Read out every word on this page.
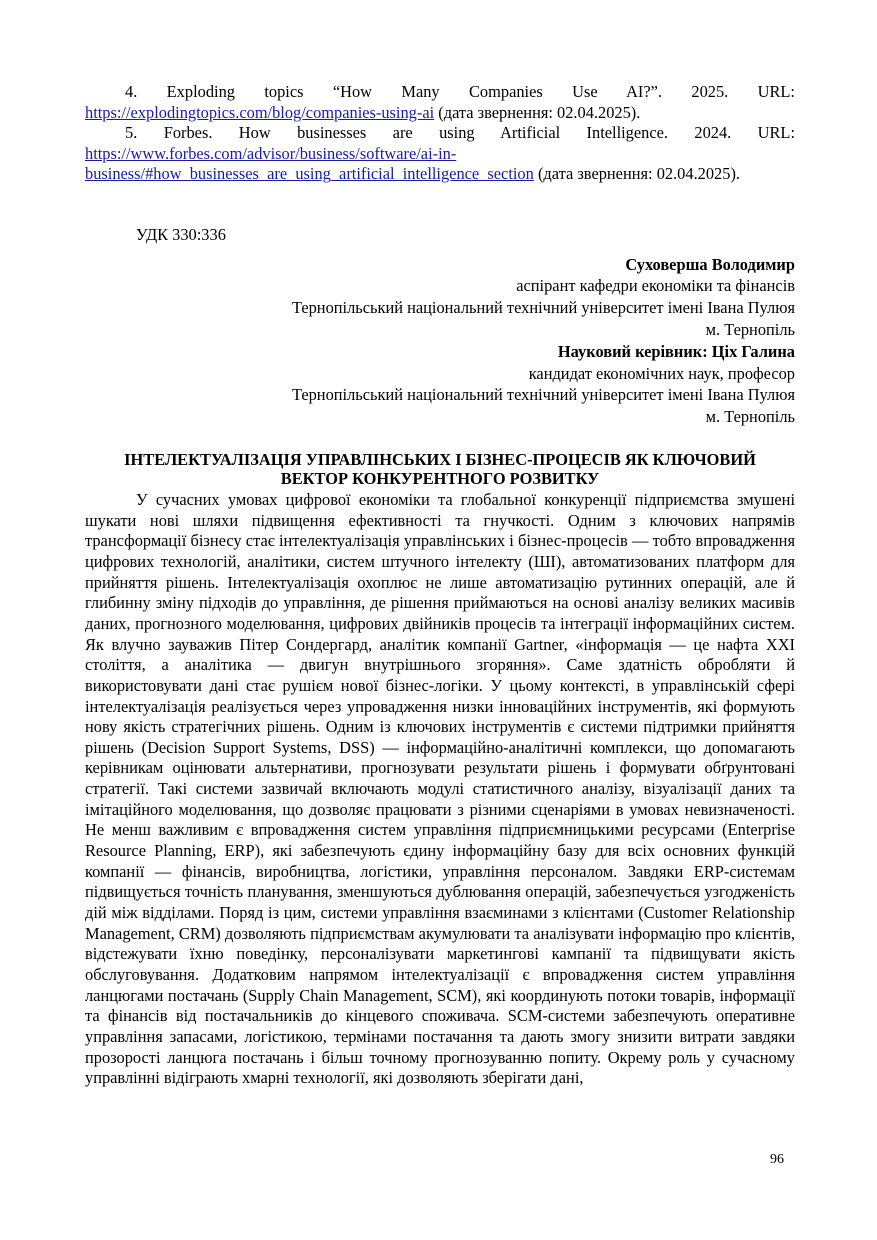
4. Exploding topics “How Many Companies Use AI?”. 2025. URL: https://explodingtopics.com/blog/companies-using-ai (дата звернення: 02.04.2025).

5. Forbes. How businesses are using Artificial Intelligence. 2024. URL: https://www.forbes.com/advisor/business/software/ai-in-business/#how_businesses_are_using_artificial_intelligence_section (дата звернення: 02.04.2025).

УДК 330:336
Суховерша Володимир
аспірант кафедри економіки та фінансів
Тернопільський національний технічний університет імені Івана Пулюя
м. Тернопіль
Науковий керівник: Ціх Галина
кандидат економічних наук, професор
Тернопільський національний технічний університет імені Івана Пулюя
м. Тернопіль
ІНТЕЛЕКТУАЛІЗАЦІЯ УПРАВЛІНСЬКИХ І БІЗНЕС-ПРОЦЕСІВ ЯК КЛЮЧОВИЙ ВЕКТОР КОНКУРЕНТНОГО РОЗВИТКУ

У сучасних умовах цифрової економіки та глобальної конкуренції підприємства змушені шукати нові шляхи підвищення ефективності та гнучкості. Одним з ключових напрямів трансформації бізнесу стає інтелектуалізація управлінських і бізнес-процесів — тобто впровадження цифрових технологій, аналітики, систем штучного інтелекту (ШІ), автоматизованих платформ для прийняття рішень. Інтелектуалізація охоплює не лише автоматизацію рутинних операцій, але й глибинну зміну підходів до управління, де рішення приймаються на основі аналізу великих масивів даних, прогнозного моделювання, цифрових двійників процесів та інтеграції інформаційних систем. Як влучно зауважив Пітер Сондергард, аналітик компанії Gartner, «інформація — це нафта XXI століття, а аналітика — двигун внутрішнього згоряння». Саме здатність обробляти й використовувати дані стає рушієм нової бізнес-логіки. У цьому контексті, в управлінській сфері інтелектуалізація реалізується через упровадження низки інноваційних інструментів, які формують нову якість стратегічних рішень. Одним із ключових інструментів є системи підтримки прийняття рішень (Decision Support Systems, DSS) — інформаційно-аналітичні комплекси, що допомагають керівникам оцінювати альтернативи, прогнозувати результати рішень і формувати обґрунтовані стратегії. Такі системи зазвичай включають модулі статистичного аналізу, візуалізації даних та імітаційного моделювання, що дозволяє працювати з різними сценаріями в умовах невизначеності. Не менш важливим є впровадження систем управління підприємницькими ресурсами (Enterprise Resource Planning, ERP), які забезпечують єдину інформаційну базу для всіх основних функцій компанії — фінансів, виробництва, логістики, управління персоналом. Завдяки ERP-системам підвищується точність планування, зменшуються дублювання операцій, забезпечується узгодженість дій між відділами. Поряд із цим, системи управління взаєминами з клієнтами (Customer Relationship Management, CRM) дозволяють підприємствам акумулювати та аналізувати інформацію про клієнтів, відстежувати їхню поведінку, персоналізувати маркетингові кампанії та підвищувати якість обслуговування. Додатковим напрямом інтелектуалізації є впровадження систем управління ланцюгами постачань (Supply Chain Management, SCM), які координують потоки товарів, інформації та фінансів від постачальників до кінцевого споживача. SCM-системи забезпечують оперативне управління запасами, логістикою, термінами постачання та дають змогу знизити витрати завдяки прозорості ланцюга постачань і більш точному прогнозуванню попиту. Окрему роль у сучасному управлінні відіграють хмарні технології, які дозволяють зберігати дані,

96
